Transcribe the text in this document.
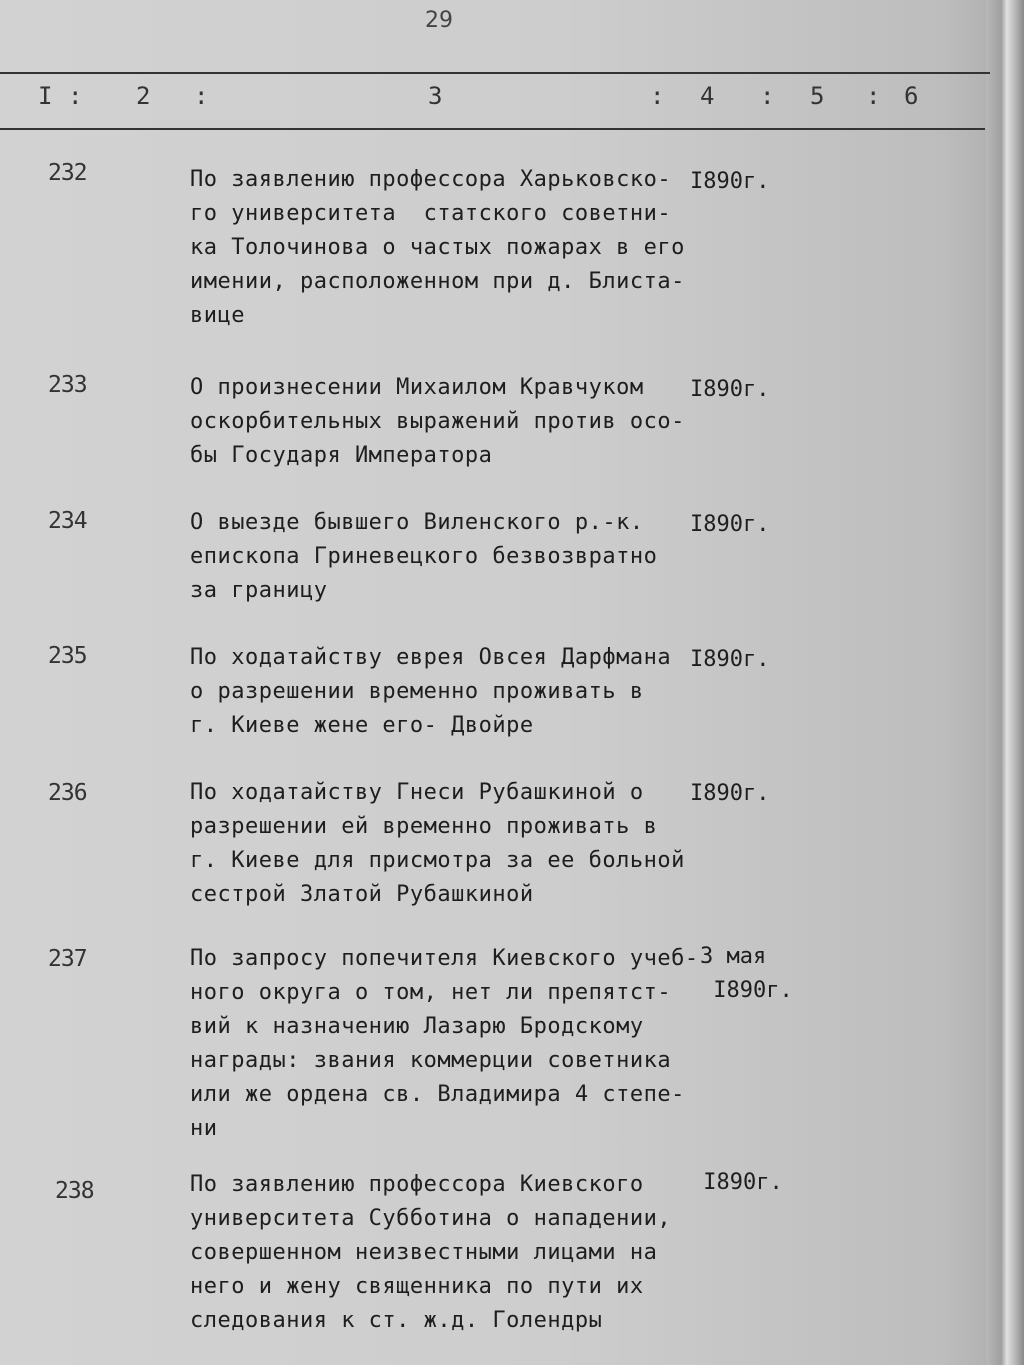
29
I : 2 :	3	: 4 : 5 : 6
232	По заявлению профессора Харьковско-
го университета  статского советни-
ка Толочинова о частых пожарах в его
имении, расположенном при д. Блиста-
вице
I890г.
233	О произнесении Михаилом Кравчуком
оскорбительных выражений против осо-
бы Государя Императора
I890г.
234	О выезде бывшего Виленского р.-к.
епископа Гриневецкого безвозвратно
за границу
I890г.
235	По ходатайству еврея Овсея Дарфмана
о разрешении временно проживать в
г. Киеве жене его- Двойре
I890г.
236	По ходатайству Гнеси Рубашкиной о
разрешении ей временно проживать в
г. Киеве для присмотра за ее больной
сестрой Златой Рубашкиной
I890г.
237	По запросу попечителя Киевского учеб-
ного округа о том, нет ли препятст-
вий к назначению Лазарю Бродскому
награды: звания коммерции советника
или же ордена св. Владимира 4 степе-
ни
3 мая
I890г.
238	По заявлению профессора Киевского
университета Субботина о нападении,
совершенном неизвестными лицами на
него и жену священника по пути их
следования к ст. ж.д. Голендры
I890г.
